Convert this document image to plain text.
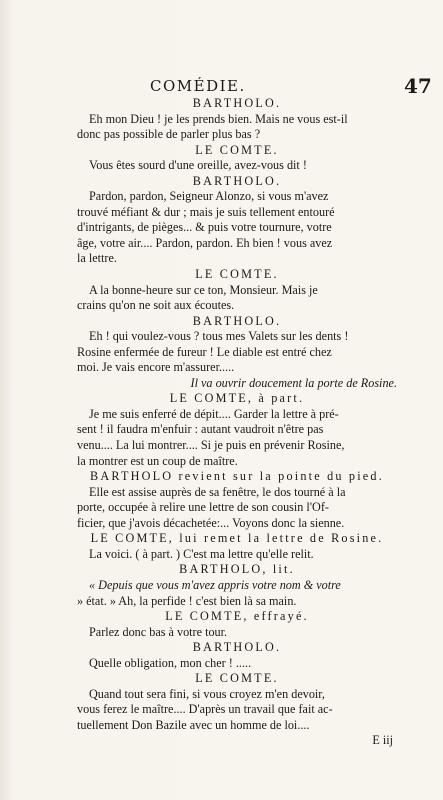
COMÉDIE.	47
BARTHOLO.
Eh mon Dieu ! je les prends bien. Mais ne vous est-il
donc pas possible de parler plus bas ?
LE COMTE.
Vous êtes sourd d'une oreille, avez-vous dit !
BARTHOLO.
Pardon, pardon, Seigneur Alonzo, si vous m'avez
trouvé méfiant & dur ; mais je suis tellement entouré
d'intrigants, de pièges... & puis votre tournure, votre
âge, votre air.... Pardon, pardon. Eh bien ! vous avez
la lettre.
LE COMTE.
A la bonne-heure sur ce ton, Monsieur. Mais je
crains qu'on ne soit aux écoutes.
BARTHOLO.
Eh ! qui voulez-vous ? tous mes Valets sur les dents !
Rosine enfermée de fureur ! Le diable est entré chez
moi. Je vais encore m'assurer.....
Il va ouvrir doucement la porte de Rosine.
LE COMTE, à part.
Je me suis enferré de dépit.... Garder la lettre à pré-
sent ! il faudra m'enfuir : autant vaudroit n'être pas
venu.... La lui montrer.... Si je puis en prévenir Rosine,
la montrer est un coup de maître.
BARTHOLO revient sur la pointe du pied.
Elle est assise auprès de sa fenêtre, le dos tourné à la
porte, occupée à relire une lettre de son cousin l'Of-
ficier, que j'avois décachetée:... Voyons donc la sienne.
LE COMTE, lui remet la lettre de Rosine.
La voici. ( à part. ) C'est ma lettre qu'elle relit.
BARTHOLO, lit.
« Depuis que vous m'avez appris votre nom & votre
» état. » Ah, la perfide ! c'est bien là sa main.
LE COMTE, effrayé.
Parlez donc bas à votre tour.
BARTHOLO.
Quelle obligation, mon cher ! .....
LE COMTE.
Quand tout sera fini, si vous croyez m'en devoir,
vous ferez le maître.... D'après un travail que fait ac-
tuellement Don Bazile avec un homme de loi....
E iij
